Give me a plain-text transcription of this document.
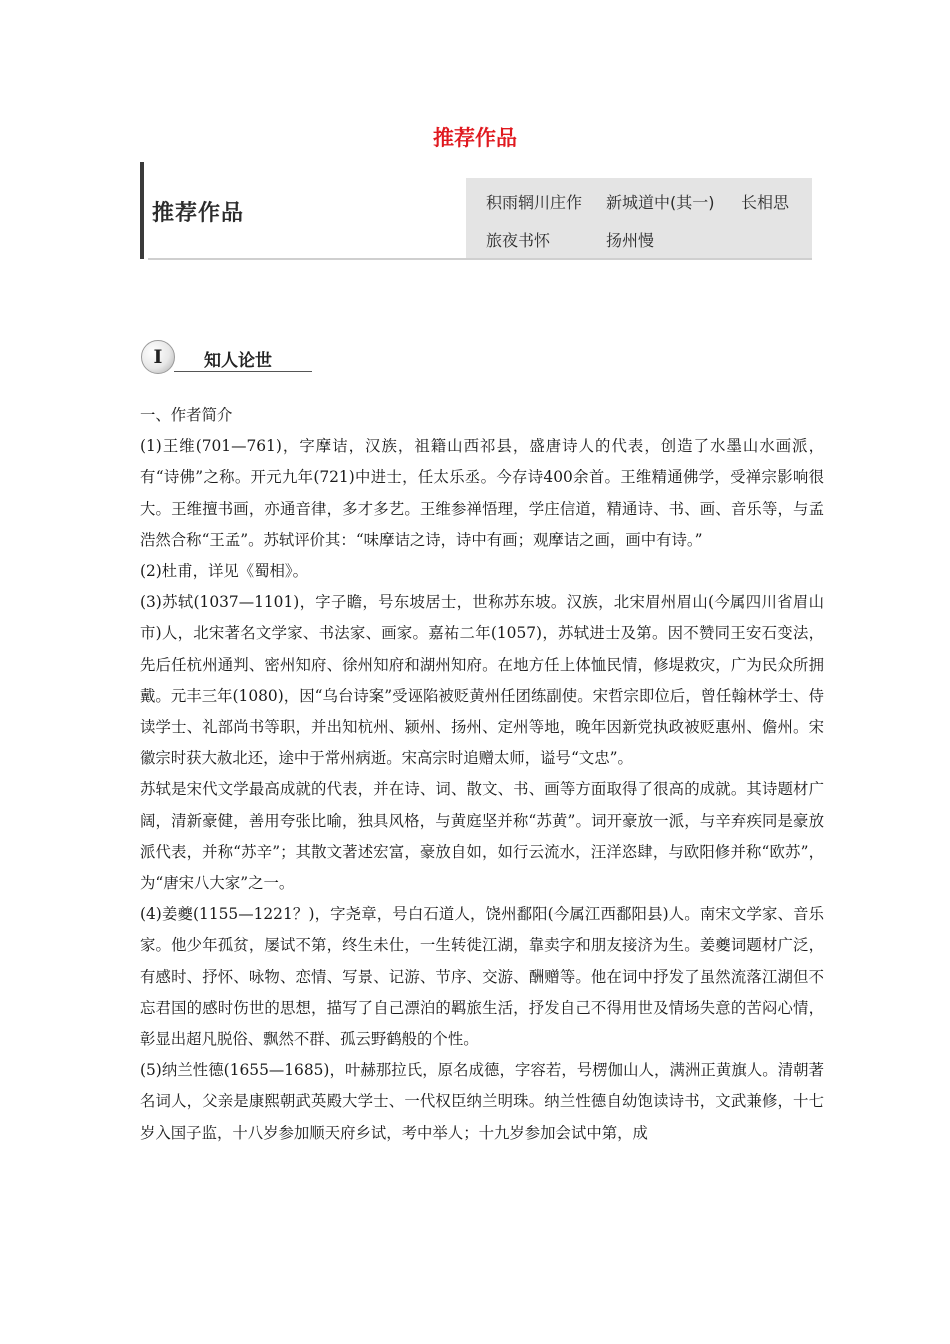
推荐作品
推荐作品	积雨辋川庄作 新城道中(其一) 长相思
旅夜书怀	扬州慢
I	知人论世

一、作者简介

(1)王维(701—761)，字摩诘，汉族，祖籍山西祁县，盛唐诗人的代表，创造了水墨山水画派，有“诗佛”之称。开元九年(721)中进士，任太乐丞。今存诗400余首。王维精通佛学，受禅宗影响很大。王维擅书画，亦通音律，多才多艺。王维参禅悟理，学庄信道，精通诗、书、画、音乐等，与孟浩然合称“王孟”。苏轼评价其：“味摩诘之诗，诗中有画；观摩诘之画，画中有诗。”

(2)杜甫，详见《蜀相》。

(3)苏轼(1037—1101)，字子瞻，号东坡居士，世称苏东坡。汉族，北宋眉州眉山(今属四川省眉山市)人，北宋著名文学家、书法家、画家。嘉祐二年(1057)，苏轼进士及第。因不赞同王安石变法，先后任杭州通判、密州知府、徐州知府和湖州知府。在地方任上体恤民情，修堤救灾，广为民众所拥戴。元丰三年(1080)，因“乌台诗案”受诬陷被贬黄州任团练副使。宋哲宗即位后，曾任翰林学士、侍读学士、礼部尚书等职，并出知杭州、颍州、扬州、定州等地，晚年因新党执政被贬惠州、儋州。宋徽宗时获大赦北还，途中于常州病逝。宋高宗时追赠太师，谥号“文忠”。

苏轼是宋代文学最高成就的代表，并在诗、词、散文、书、画等方面取得了很高的成就。其诗题材广阔，清新豪健，善用夸张比喻，独具风格，与黄庭坚并称“苏黄”。词开豪放一派，与辛弃疾同是豪放派代表，并称“苏辛”；其散文著述宏富，豪放自如，如行云流水，汪洋恣肆，与欧阳修并称“欧苏”，为“唐宋八大家”之一。

(4)姜夔(1155—1221？)，字尧章，号白石道人，饶州鄱阳(今属江西鄱阳县)人。南宋文学家、音乐家。他少年孤贫，屡试不第，终生未仕，一生转徙江湖，靠卖字和朋友接济为生。姜夔词题材广泛，有感时、抒怀、咏物、恋情、写景、记游、节序、交游、酬赠等。他在词中抒发了虽然流落江湖但不忘君国的感时伤世的思想，描写了自己漂泊的羁旅生活，抒发自己不得用世及情场失意的苦闷心情，彰显出超凡脱俗、飘然不群、孤云野鹤般的个性。

(5)纳兰性德(1655—1685)，叶赫那拉氏，原名成德，字容若，号楞伽山人，满洲正黄旗人。清朝著名词人，父亲是康熙朝武英殿大学士、一代权臣纳兰明珠。纳兰性德自幼饱读诗书，文武兼修，十七岁入国子监，十八岁参加顺天府乡试，考中举人；十九岁参加会试中第，成
